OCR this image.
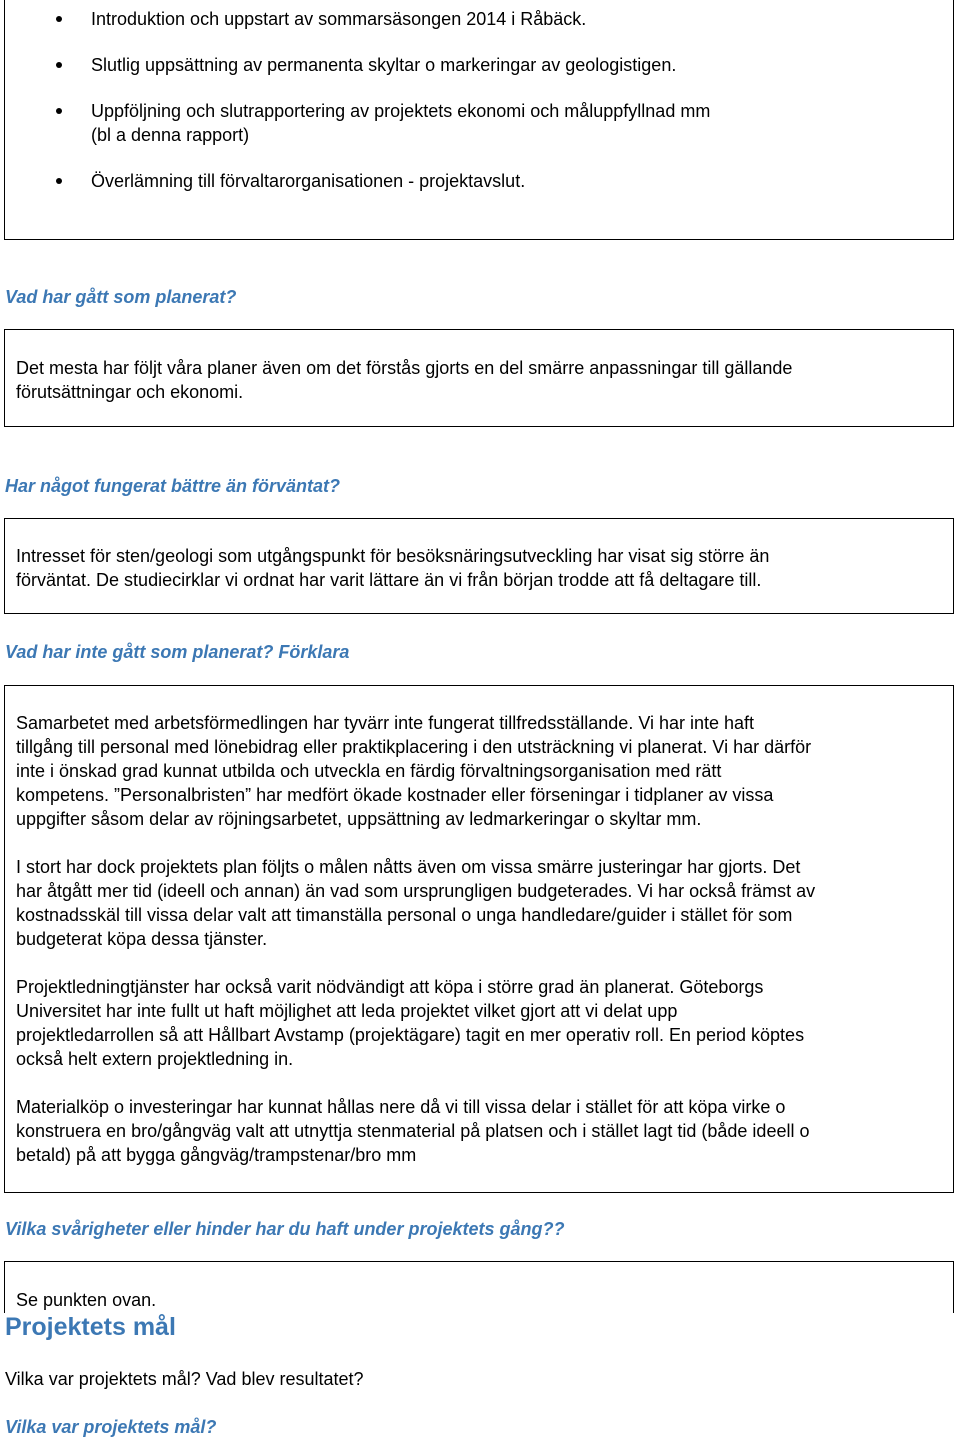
Introduktion och uppstart av sommarsäsongen 2014 i Råbäck.
Slutlig uppsättning av permanenta skyltar o markeringar av geologistigen.
Uppföljning och slutrapportering av projektets ekonomi och måluppfyllnad mm
(bl a denna rapport)
Överlämning till förvaltarorganisationen - projektavslut.
Vad har gått som planerat?

Det mesta har följt våra planer även om det förstås gjorts en del smärre anpassningar till gällande
förutsättningar och ekonomi.

Har något fungerat bättre än förväntat?

Intresset för sten/geologi som utgångspunkt för besöksnäringsutveckling har visat sig större än
förväntat. De studiecirklar vi ordnat har varit lättare än vi från början trodde att få deltagare till.

Vad har inte gått som planerat? Förklara

Samarbetet med arbetsförmedlingen har tyvärr inte fungerat tillfredsställande. Vi har inte haft
tillgång till personal med lönebidrag eller praktikplacering i den utsträckning vi planerat. Vi har därför
inte i önskad grad kunnat utbilda och utveckla en färdig förvaltningsorganisation med rätt
kompetens. ”Personalbristen” har medfört ökade kostnader eller förseningar i tidplaner av vissa
uppgifter såsom delar av röjningsarbetet, uppsättning av ledmarkeringar o skyltar mm.

I stort har dock projektets plan följts o målen nåtts även om vissa smärre justeringar har gjorts. Det
har åtgått mer tid (ideell och annan) än vad som ursprungligen budgeterades. Vi har också främst av
kostnadsskäl till vissa delar valt att timanställa personal o unga handledare/guider i stället för som
budgeterat köpa dessa tjänster.

Projektledningtjänster har också varit nödvändigt att köpa i större grad än planerat. Göteborgs
Universitet har inte fullt ut haft möjlighet att leda projektet vilket gjort att vi delat upp
projektledarrollen så att Hållbart Avstamp (projektägare) tagit en mer operativ roll. En period köptes
också helt extern projektledning in.

Materialköp o investeringar har kunnat hållas nere då vi till vissa delar i stället för att köpa virke o
konstruera en bro/gångväg valt att utnyttja stenmaterial på platsen och i stället lagt tid (både ideell o
betald) på att bygga gångväg/trampstenar/bro mm

Vilka svårigheter eller hinder har du haft under projektets gång??

Se punkten ovan.

Projektets mål

Vilka var projektets mål? Vad blev resultatet?

Vilka var projektets mål?
